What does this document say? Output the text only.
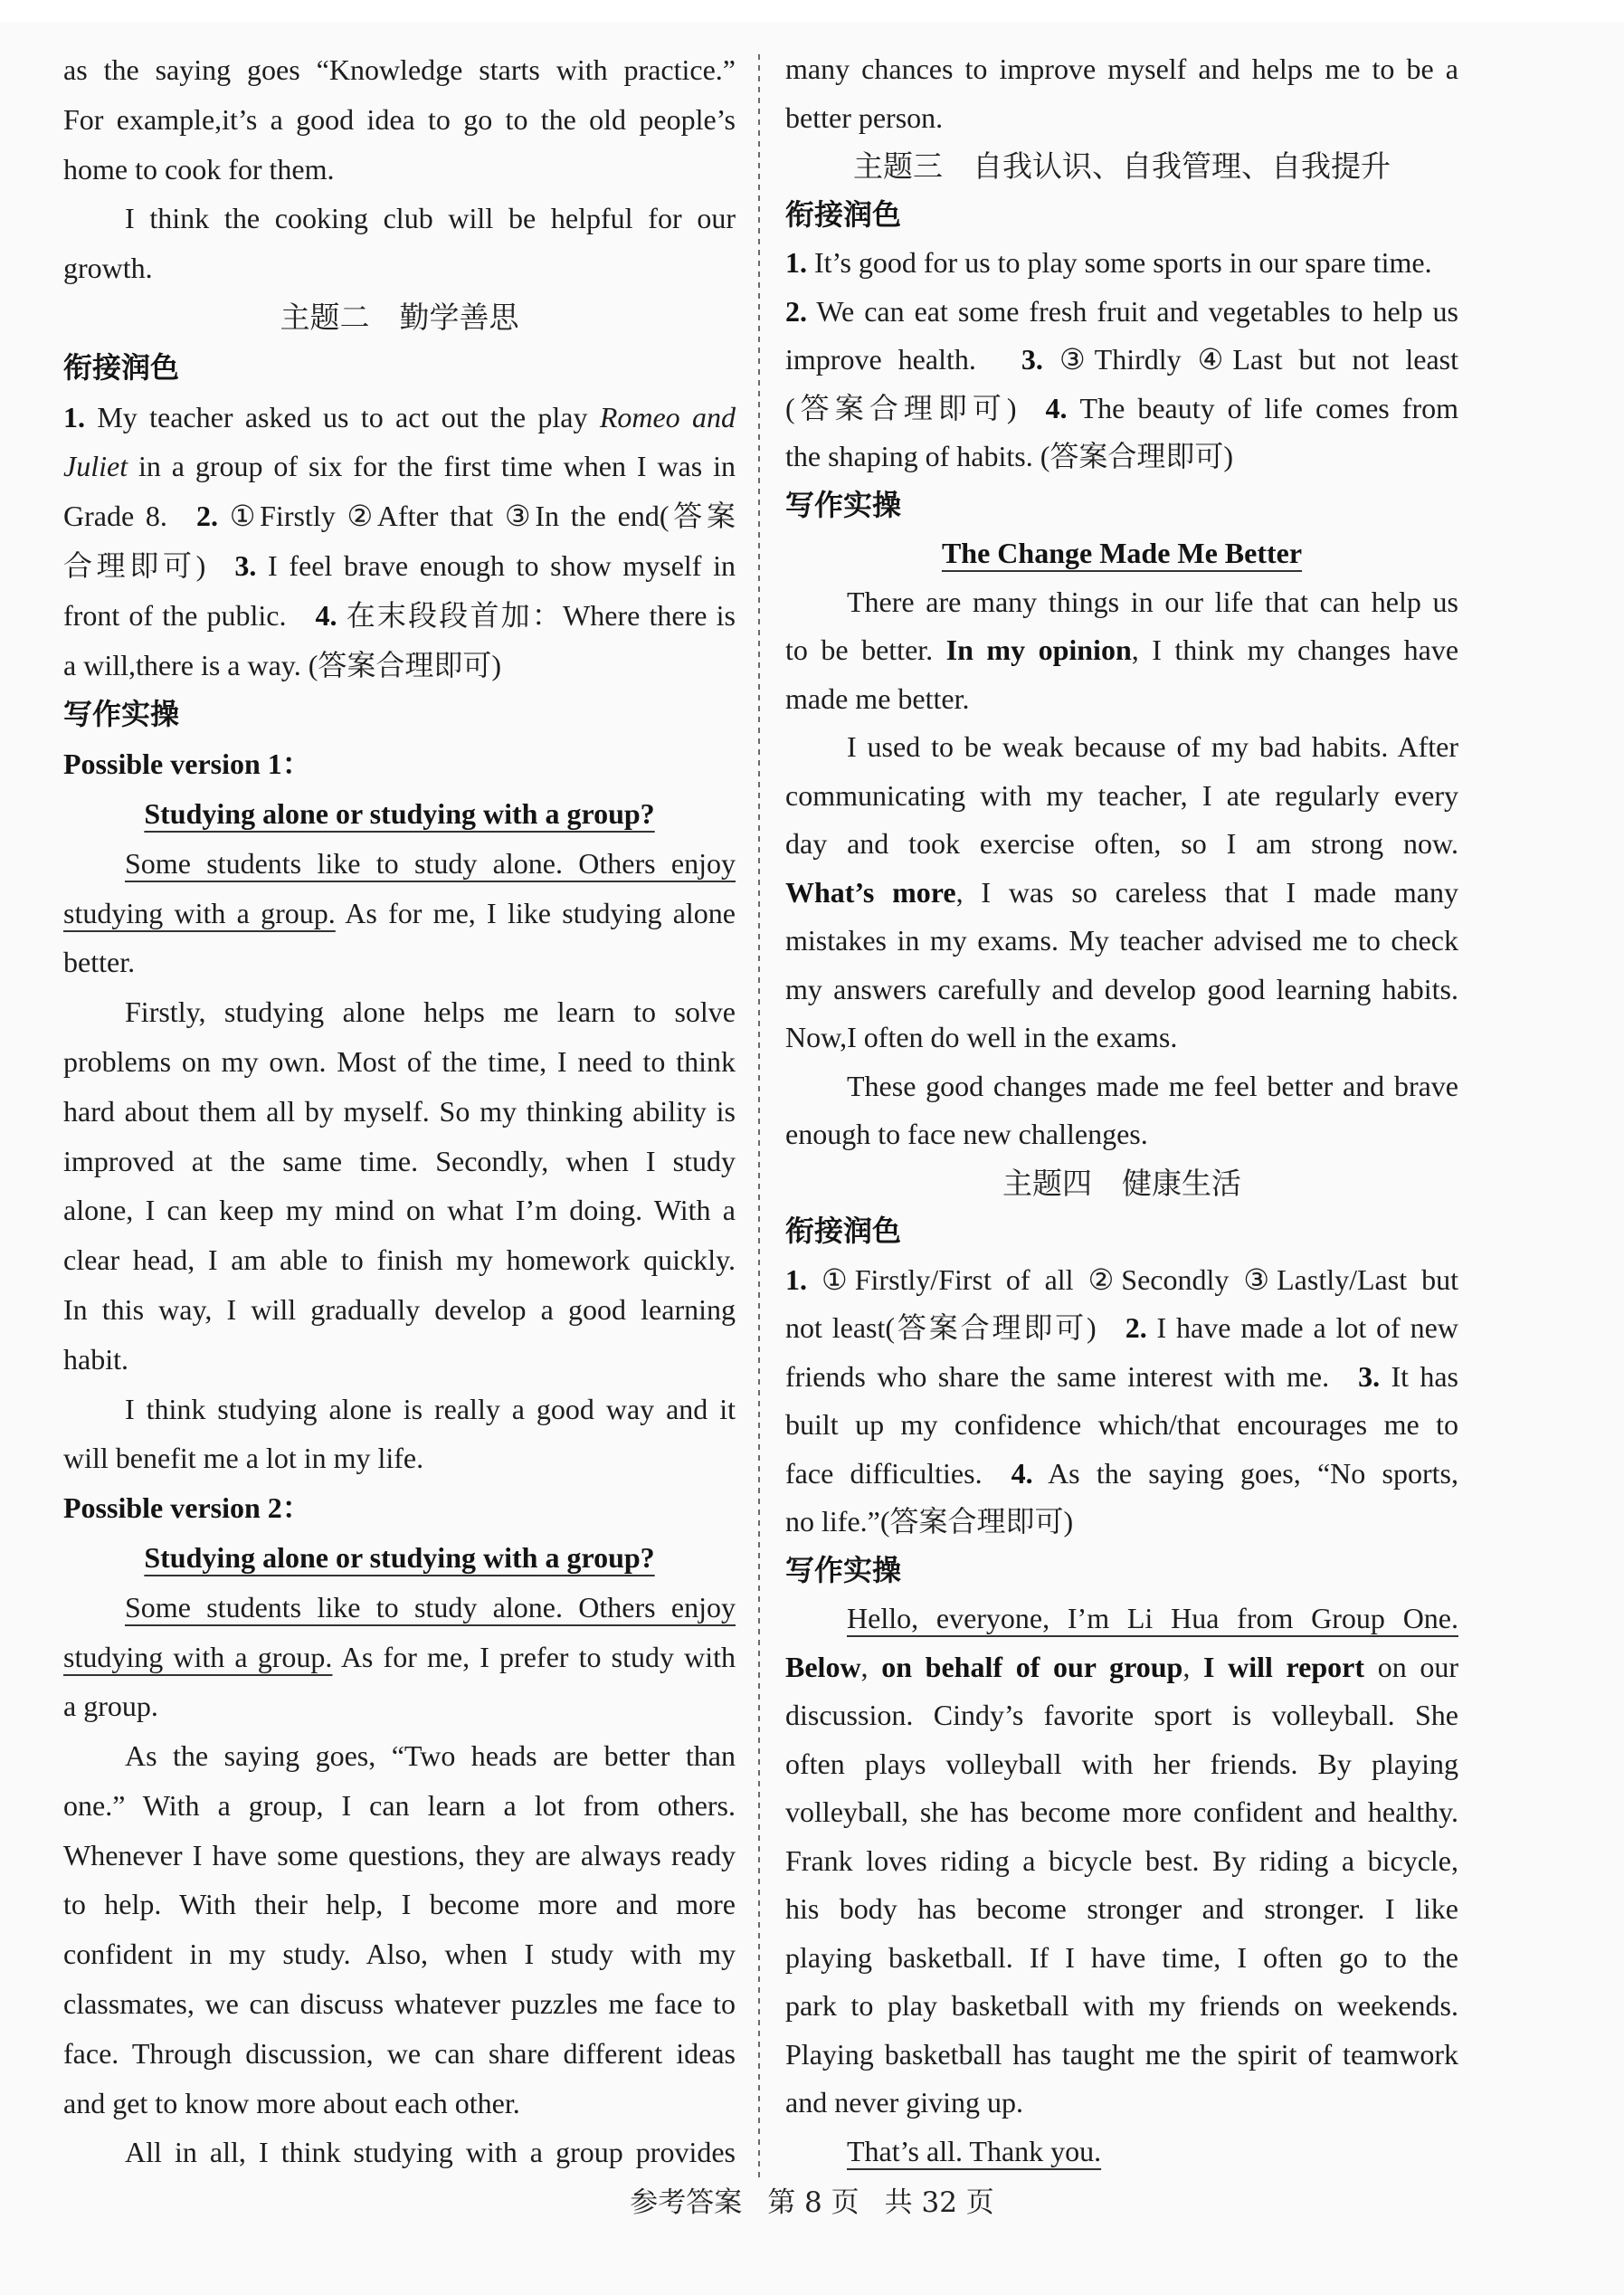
as the saying goes “Knowledge starts with practice.”
For example,it’s a good idea to go to the old people’s
home to cook for them.
I think the cooking club will be helpful for our
growth.
主题二　勤学善思
衔接润色
1. My teacher asked us to act out the play Romeo and
Juliet in a group of six for the first time when I was in
Grade 8. 2. ①Firstly ②After that ③In the end(答案
合理即可) 3. I feel brave enough to show myself in
front of the public. 4. 在末段段首加：Where there is
a will,there is a way. (答案合理即可)
写作实操
Possible version 1：
Studying alone or studying with a group?
Some students like to study alone. Others enjoy
studying with a group. As for me, I like studying alone
better.
Firstly, studying alone helps me learn to solve
problems on my own. Most of the time, I need to think
hard about them all by myself. So my thinking ability is
improved at the same time. Secondly, when I study
alone, I can keep my mind on what I’m doing. With a
clear head, I am able to finish my homework quickly.
In this way, I will gradually develop a good learning
habit.
I think studying alone is really a good way and it
will benefit me a lot in my life.
Possible version 2：
Studying alone or studying with a group?
Some students like to study alone. Others enjoy
studying with a group. As for me, I prefer to study with
a group.
As the saying goes, “Two heads are better than
one.” With a group, I can learn a lot from others.
Whenever I have some questions, they are always ready
to help. With their help, I become more and more
confident in my study. Also, when I study with my
classmates, we can discuss whatever puzzles me face to
face. Through discussion, we can share different ideas
and get to know more about each other.
All in all, I think studying with a group provides
many chances to improve myself and helps me to be a
better person.
主题三　自我认识、自我管理、自我提升
衔接润色
1. It’s good for us to play some sports in our spare time.
2. We can eat some fresh fruit and vegetables to help us
improve health.  3. ③Thirdly ④Last but not least
(答案合理即可) 4. The beauty of life comes from
the shaping of habits. (答案合理即可)
写作实操
The Change Made Me Better
There are many things in our life that can help us
to be better. In my opinion, I think my changes have
made me better.
I used to be weak because of my bad habits. After
communicating with my teacher, I ate regularly every
day and took exercise often, so I am strong now.
What’s more, I was so careless that I made many
mistakes in my exams. My teacher advised me to check
my answers carefully and develop good learning habits.
Now,I often do well in the exams.
These good changes made me feel better and brave
enough to face new challenges.
主题四　健康生活
衔接润色
1. ①Firstly/First of all ②Secondly ③Lastly/Last but
not least(答案合理即可) 2. I have made a lot of new
friends who share the same interest with me. 3. It has
built up my confidence which/that encourages me to
face difficulties. 4. As the saying goes, “No sports,
no life.”(答案合理即可)
写作实操
Hello, everyone, I’m Li Hua from Group One.
Below, on behalf of our group, I will report on our
discussion. Cindy’s favorite sport is volleyball. She
often plays volleyball with her friends. By playing
volleyball, she has become more confident and healthy.
Frank loves riding a bicycle best. By riding a bicycle,
his body has become stronger and stronger. I like
playing basketball. If I have time, I often go to the
park to play basketball with my friends on weekends.
Playing basketball has taught me the spirit of teamwork
and never giving up.
That’s all. Thank you.
参考答案 第 8 页 共 32 页
